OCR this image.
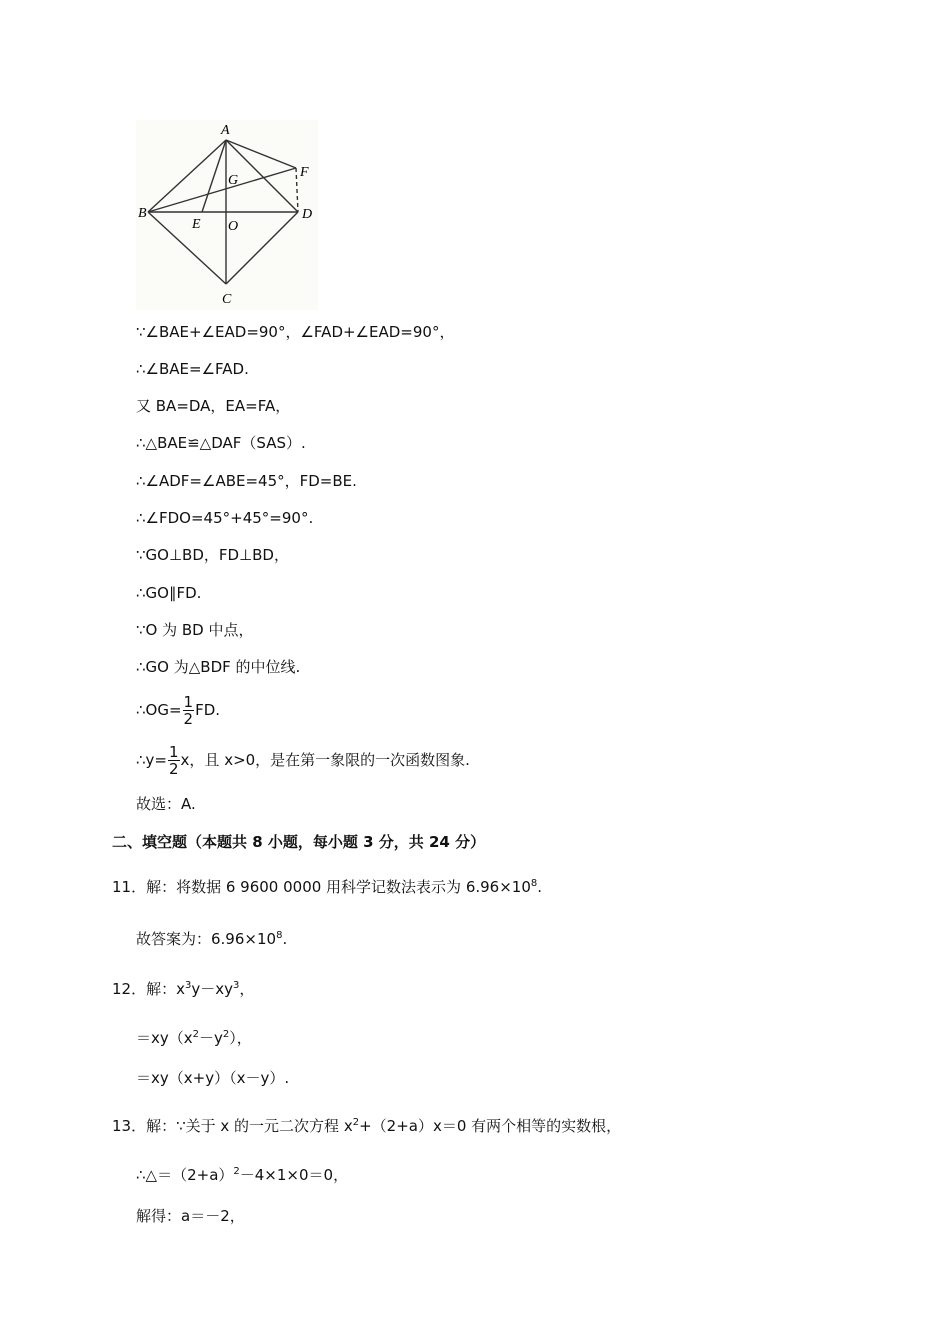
A
B
C
D
E
F
G
O
∵∠BAE+∠EAD=90°，∠FAD+∠EAD=90°，
∴∠BAE=∠FAD.
又 BA=DA，EA=FA，
∴△BAE≌△DAF（SAS）.
∴∠ADF=∠ABE=45°，FD=BE.
∴∠FDO=45°+45°=90°.
∵GO⊥BD，FD⊥BD，
∴GO∥FD.
∵O 为 BD 中点，
∴GO 为△BDF 的中位线.
∴OG= $\frac{1}{2}$ FD.
∴y= $\frac{1}{2}$ x，且 x>0，是在第一象限的一次函数图象.
故选：A.
二、填空题（本题共 8 小题，每小题 3 分，共 24 分）
11．解：将数据 6 9600 0000 用科学记数法表示为 $6.96\times 10^8$.
故答案为：$6.96\times 10^8$.
12．解：$x^3y-xy^3$，
$=xy(x^2-y^2)$，
＝xy（x+y）（x－y）.
13．解：∵关于 x 的一元二次方程 $x^2+(2+a)x=0$ 有两个相等的实数根，
$\therefore\triangle=(2+a)^2-4\times 1\times 0=0$，
解得：a＝－2，
